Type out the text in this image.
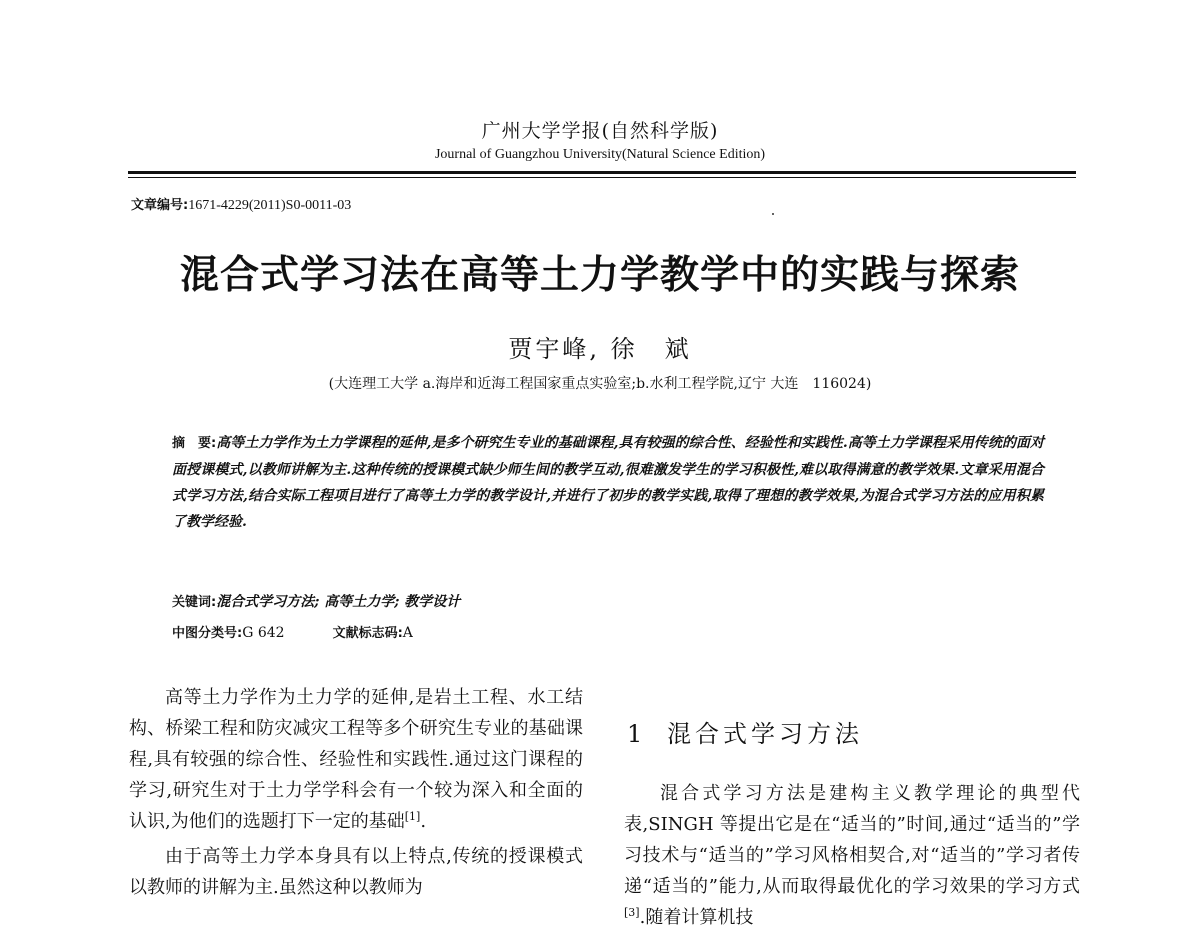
广州大学学报(自然科学版)
Journal of Guangzhou University(Natural Science Edition)
文章编号:1671-4229(2011)S0-0011-03
混合式学习法在高等土力学教学中的实践与探索
贾宇峰, 徐　斌
(大连理工大学 a.海岸和近海工程国家重点实验室;b.水利工程学院,辽宁 大连　116024)
摘　要:高等土力学作为土力学课程的延伸,是多个研究生专业的基础课程,具有较强的综合性、经验性和实践性.高等土力学课程采用传统的面对面授课模式,以教师讲解为主.这种传统的授课模式缺少师生间的教学互动,很难激发学生的学习积极性,难以取得满意的教学效果.文章采用混合式学习方法,结合实际工程项目进行了高等土力学的教学设计,并进行了初步的教学实践,取得了理想的教学效果,为混合式学习方法的应用积累了教学经验.
关键词:混合式学习方法; 高等土力学; 教学设计
中图分类号:G 642	文献标志码:A

高等土力学作为土力学的延伸,是岩土工程、水工结构、桥梁工程和防灾减灾工程等多个研究生专业的基础课程,具有较强的综合性、经验性和实践性.通过这门课程的学习,研究生对于土力学学科会有一个较为深入和全面的认识,为他们的选题打下一定的基础[1].

由于高等土力学本身具有以上特点,传统的授课模式以教师的讲解为主.虽然这种以教师为

1 混合式学习方法

混合式学习方法是建构主义教学理论的典型代表,SINGH 等提出它是在“适当的”时间,通过“适当的”学习技术与“适当的”学习风格相契合,对“适当的”学习者传递“适当的”能力,从而取得最优化的学习效果的学习方式[3].随着计算机技
